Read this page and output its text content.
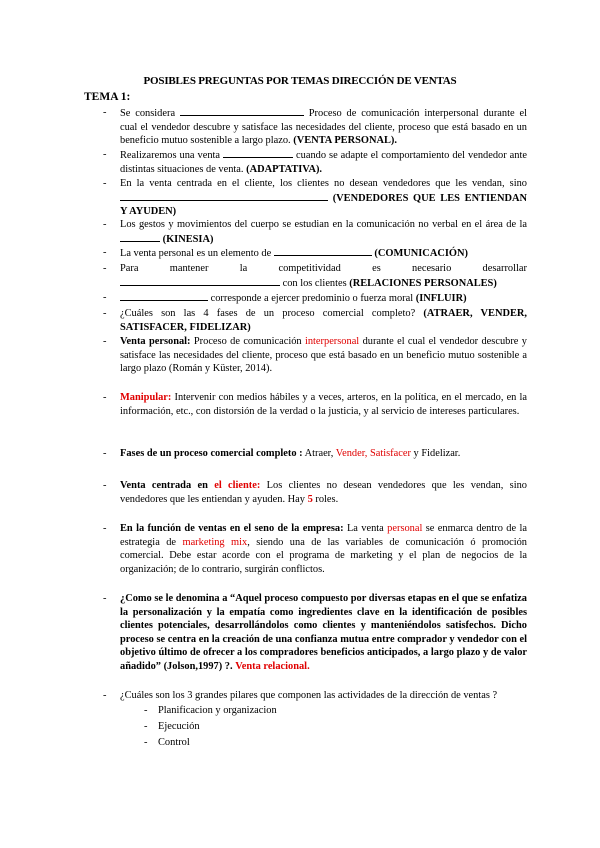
POSIBLES PREGUNTAS POR TEMAS DIRECCIÓN DE VENTAS
TEMA 1:
- Se considera	Proceso de comunicación interpersonal durante el cual el vendedor descubre y satisface las necesidades del cliente, proceso que está basado en un beneficio mutuo sostenible a largo plazo. (VENTA PERSONAL).
- Realizaremos una venta	cuando se adapte el comportamiento del vendedor ante distintas situaciones de venta. (ADAPTATIVA).
- En la venta centrada en el cliente, los clientes no desean vendedores que les vendan, sino  (VENDEDORES QUE LES ENTIENDAN Y AYUDEN)
- Los gestos y movimientos del cuerpo se estudian en la comunicación no verbal en el área de la  (KINESIA)
- La venta personal es un elemento de	(COMUNICACIÓN)
- Para	mantener	la	competitividad	es	necesario	desarrollar
con los clientes (RELACIONES PERSONALES)
-	corresponde a ejercer predominio o fuerza moral (INFLUIR)
- ¿Cuáles son las 4 fases de un proceso comercial completo? (ATRAER, VENDER, SATISFACER, FIDELIZAR)
- Venta personal: Proceso de comunicación interpersonal durante el cual el vendedor descubre y satisface las necesidades del cliente, proceso que está basado en un beneficio mutuo sostenible a largo plazo (Román y Küster, 2014).
- Manipular: Intervenir con medios hábiles y a veces, arteros, en la política, en el mercado, en la información, etc., con distorsión de la verdad o la justicia, y al servicio de intereses particulares.
- Fases de un proceso comercial completo : Atraer, Vender, Satisfacer y Fidelizar.
- Venta centrada en el cliente: Los clientes no desean vendedores que les vendan, sino vendedores que les entiendan y ayuden. Hay 5 roles.
- En la función de ventas en el seno de la empresa: La venta personal se enmarca dentro de la estrategia de marketing mix, siendo una de las variables de comunicación ó promoción comercial. Debe estar acorde con el programa de marketing y el plan de negocios de la organización; de lo contrario, surgirán conflictos.
- ¿Como se le denomina a “Aquel proceso compuesto por diversas etapas en el que se enfatiza la personalización y la empatía como ingredientes clave en la identificación de posibles clientes potenciales, desarrollándolos como clientes y manteniéndolos satisfechos. Dicho proceso se centra en la creación de una confianza mutua entre comprador y vendedor con el objetivo último de ofrecer a los compradores beneficios anticipados, a largo plazo y de valor añadido” (Jolson,1997) ?. Venta relacional.
- ¿Cuáles son los 3 grandes pilares que componen las actividades de la dirección de ventas ?
- Planificacion y organizacion
- Ejecución
- Control
